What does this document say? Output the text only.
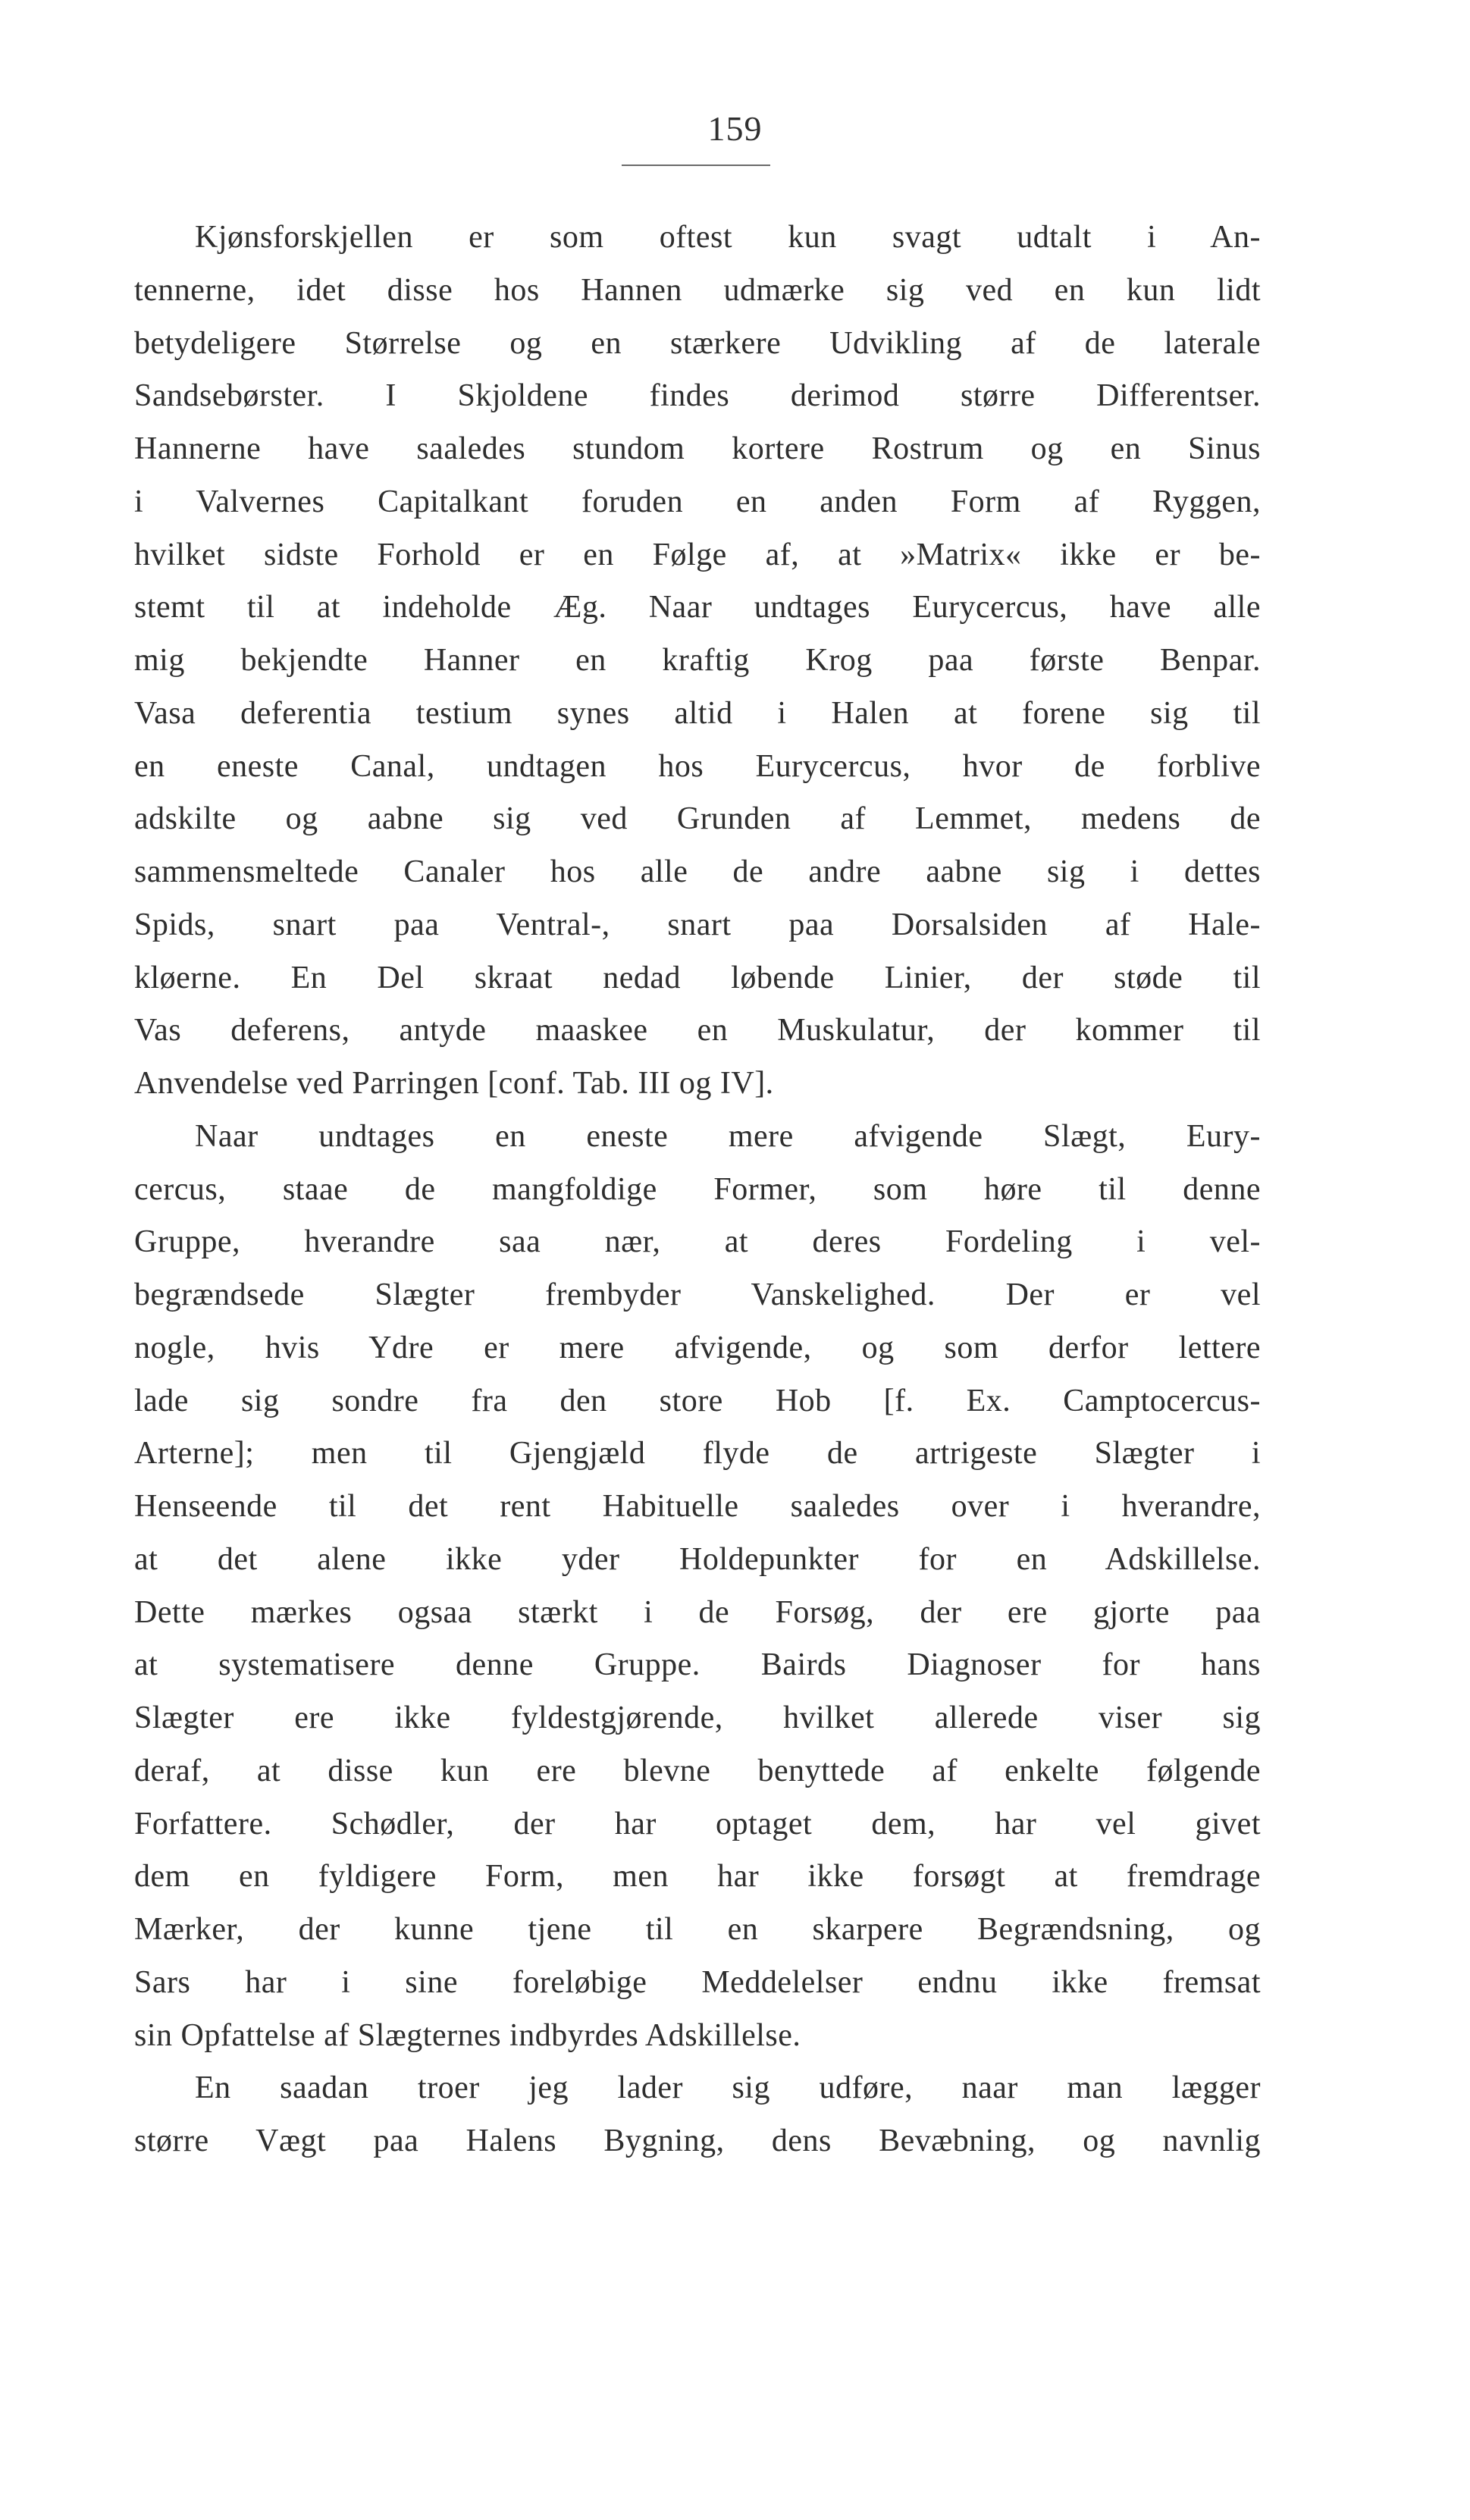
159
Kjønsforskjellen er som oftest kun svagt udtalt i An-
tennerne, idet disse hos Hannen udmærke sig ved en kun lidt
betydeligere Størrelse og en stærkere Udvikling af de laterale
Sandsebørster. I Skjoldene findes derimod større Differentser.
Hannerne have saaledes stundom kortere Rostrum og en Sinus
i Valvernes Capitalkant foruden en anden Form af Ryggen,
hvilket sidste Forhold er en Følge af, at »Matrix« ikke er be-
stemt til at indeholde Æg. Naar undtages Eurycercus, have alle
mig bekjendte Hanner en kraftig Krog paa første Benpar.
Vasa deferentia testium synes altid i Halen at forene sig til
en eneste Canal, undtagen hos Eurycercus, hvor de forblive
adskilte og aabne sig ved Grunden af Lemmet, medens de
sammensmeltede Canaler hos alle de andre aabne sig i dettes
Spids, snart paa Ventral-, snart paa Dorsalsiden af Hale-
kløerne. En Del skraat nedad løbende Linier, der støde til
Vas deferens, antyde maaskee en Muskulatur, der kommer til
Anvendelse ved Parringen [conf. Tab. III og IV].
Naar undtages en eneste mere afvigende Slægt, Eury-
cercus, staae de mangfoldige Former, som høre til denne
Gruppe, hverandre saa nær, at deres Fordeling i vel-
begrændsede Slægter frembyder Vanskelighed. Der er vel
nogle, hvis Ydre er mere afvigende, og som derfor lettere
lade sig sondre fra den store Hob [f. Ex. Camptocercus-
Arterne]; men til Gjengjæld flyde de artrigeste Slægter i
Henseende til det rent Habituelle saaledes over i hverandre,
at det alene ikke yder Holdepunkter for en Adskillelse.
Dette mærkes ogsaa stærkt i de Forsøg, der ere gjorte paa
at systematisere denne Gruppe. Bairds Diagnoser for hans
Slægter ere ikke fyldestgjørende, hvilket allerede viser sig
deraf, at disse kun ere blevne benyttede af enkelte følgende
Forfattere. Schødler, der har optaget dem, har vel givet
dem en fyldigere Form, men har ikke forsøgt at fremdrage
Mærker, der kunne tjene til en skarpere Begrændsning, og
Sars har i sine foreløbige Meddelelser endnu ikke fremsat
sin Opfattelse af Slægternes indbyrdes Adskillelse.
En saadan troer jeg lader sig udføre, naar man lægger
større Vægt paa Halens Bygning, dens Bevæbning, og navnlig
